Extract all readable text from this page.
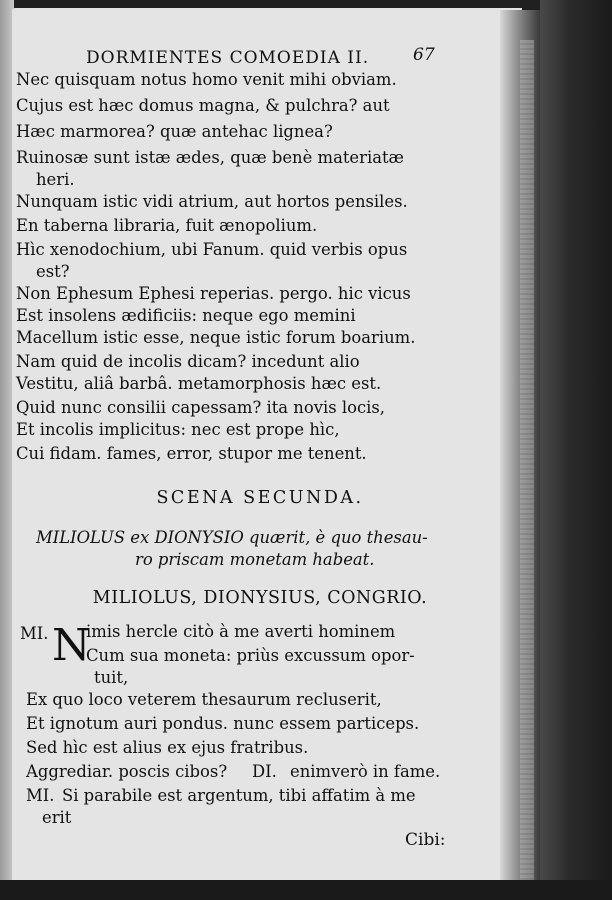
DORMIENTES COMOEDIA II.	67
Nec quisquam notus homo venit mihi obviam.
Cujus est hæc domus magna, & pulchra? aut
Hæc marmorea? quæ antehac lignea?
Ruinosæ sunt istæ ædes, quæ benè materiatæ
heri.
Nunquam istic vidi atrium, aut hortos pensiles.
En taberna libraria, fuit ænopolium.
Hìc xenodochium, ubi Fanum. quid verbis opus
est?
Non Ephesum Ephesi reperias. pergo. hic vicus
Est insolens ædificiis: neque ego memini
Macellum istic esse, neque istic forum boarium.
Nam quid de incolis dicam? incedunt alio
Vestitu, aliâ barbâ. metamorphosis hæc est.
Quid nunc consilii capessam? ita novis locis,
Et incolis implicitus: nec est prope hìc,
Cui fidam. fames, error, stupor me tenent.
SCENA SECUNDA.
MILIOLUS ex DIONYSIO quærit, è quo thesau-
ro priscam monetam habeat.
MILIOLUS, DIONYSIUS, CONGRIO.
MI. N
imis hercle citò à me averti hominem
Cum sua moneta: priùs excussum opor-
tuit,
Ex quo loco veterem thesaurum recluserit,
Et ignotum auri pondus. nunc essem particeps.
Sed hìc est alius ex ejus fratribus.
Aggrediar. poscis cibos? DI. enimverò in fame.
MI. Si parabile est argentum, tibi affatim à me
erit
Cibi:
